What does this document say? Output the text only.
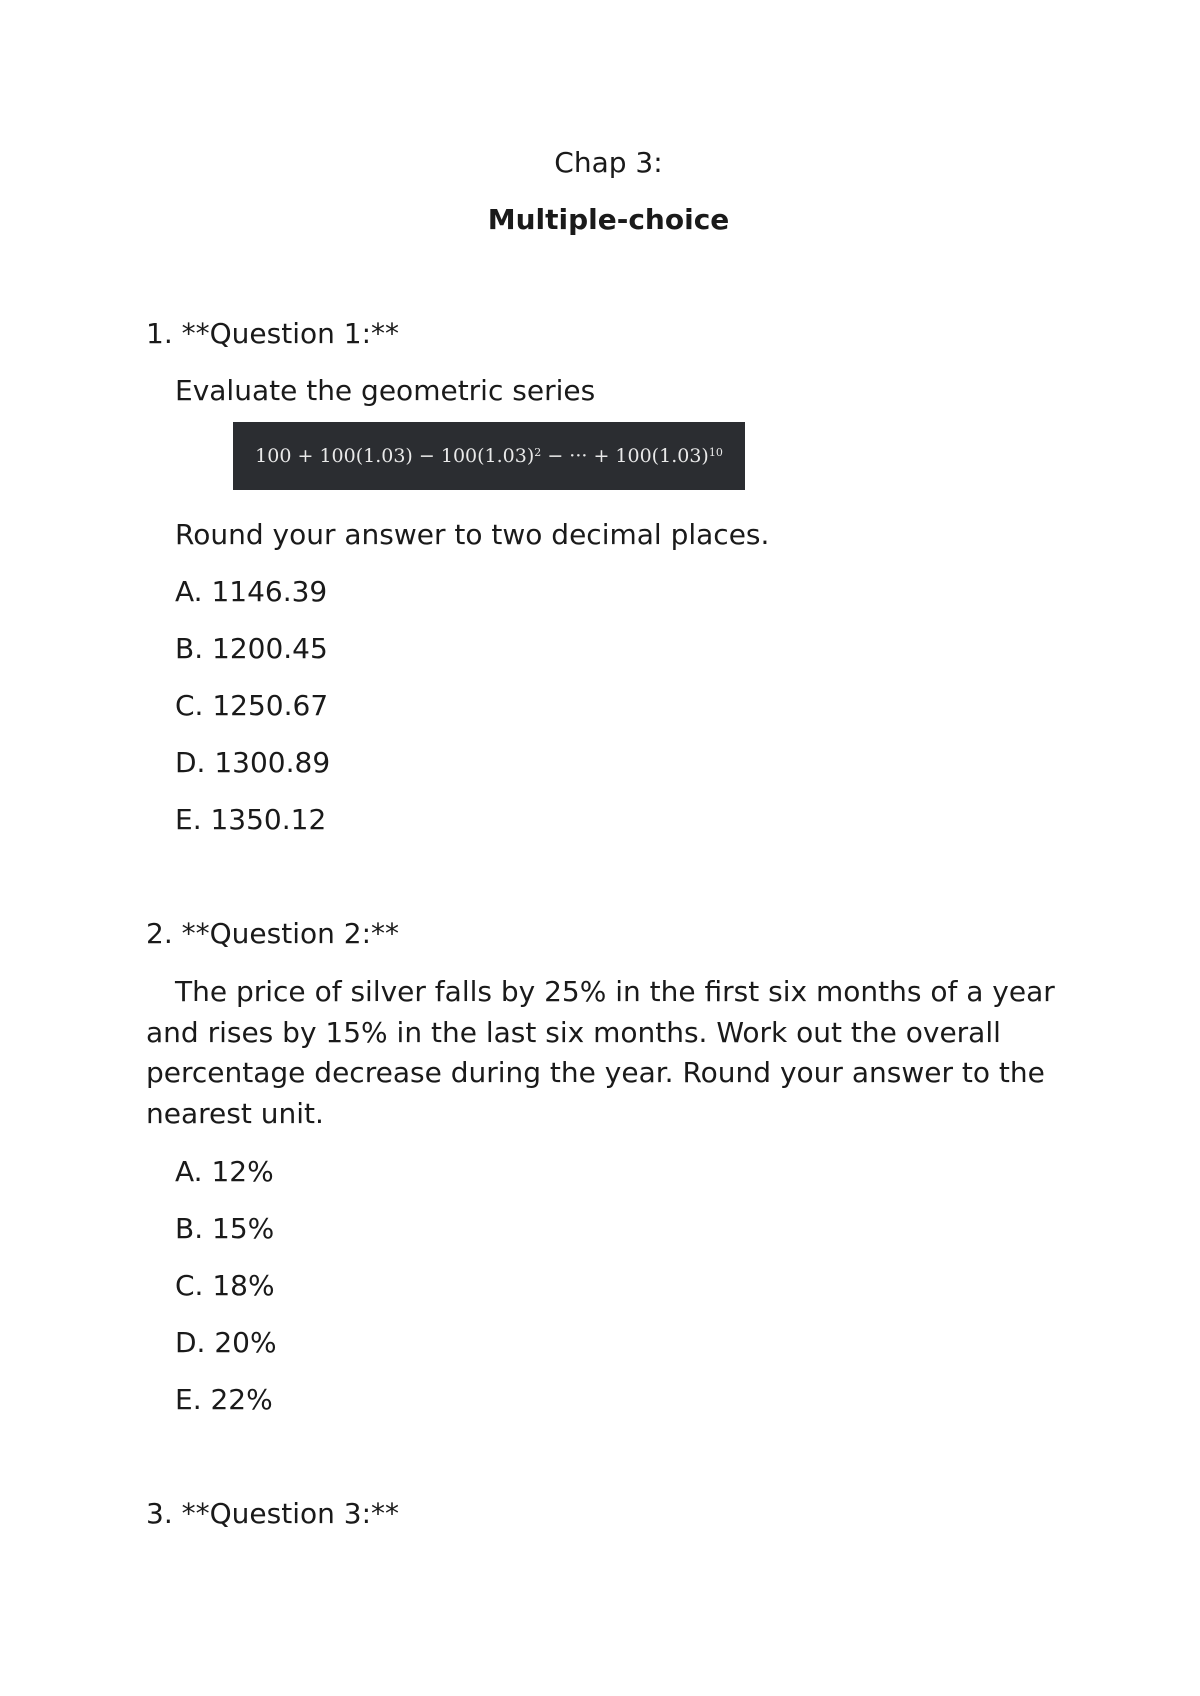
Chap 3:
Multiple-choice
1. **Question 1:**
Evaluate the geometric series
100
+
100(1.03)
−
$100(1.03)^2$
−
···
+
$100(1.03)^{10}$
Round your answer to two decimal places.
A. 1146.39
B. 1200.45
C. 1250.67
D. 1300.89
E. 1350.12
2. **Question 2:**
The price of silver falls by 25% in the first six months of a year and rises by 15% in the last six months. Work out the overall percentage decrease during the year. Round your answer to the nearest unit.
A. 12%
B. 15%
C. 18%
D. 20%
E. 22%
3. **Question 3:**
